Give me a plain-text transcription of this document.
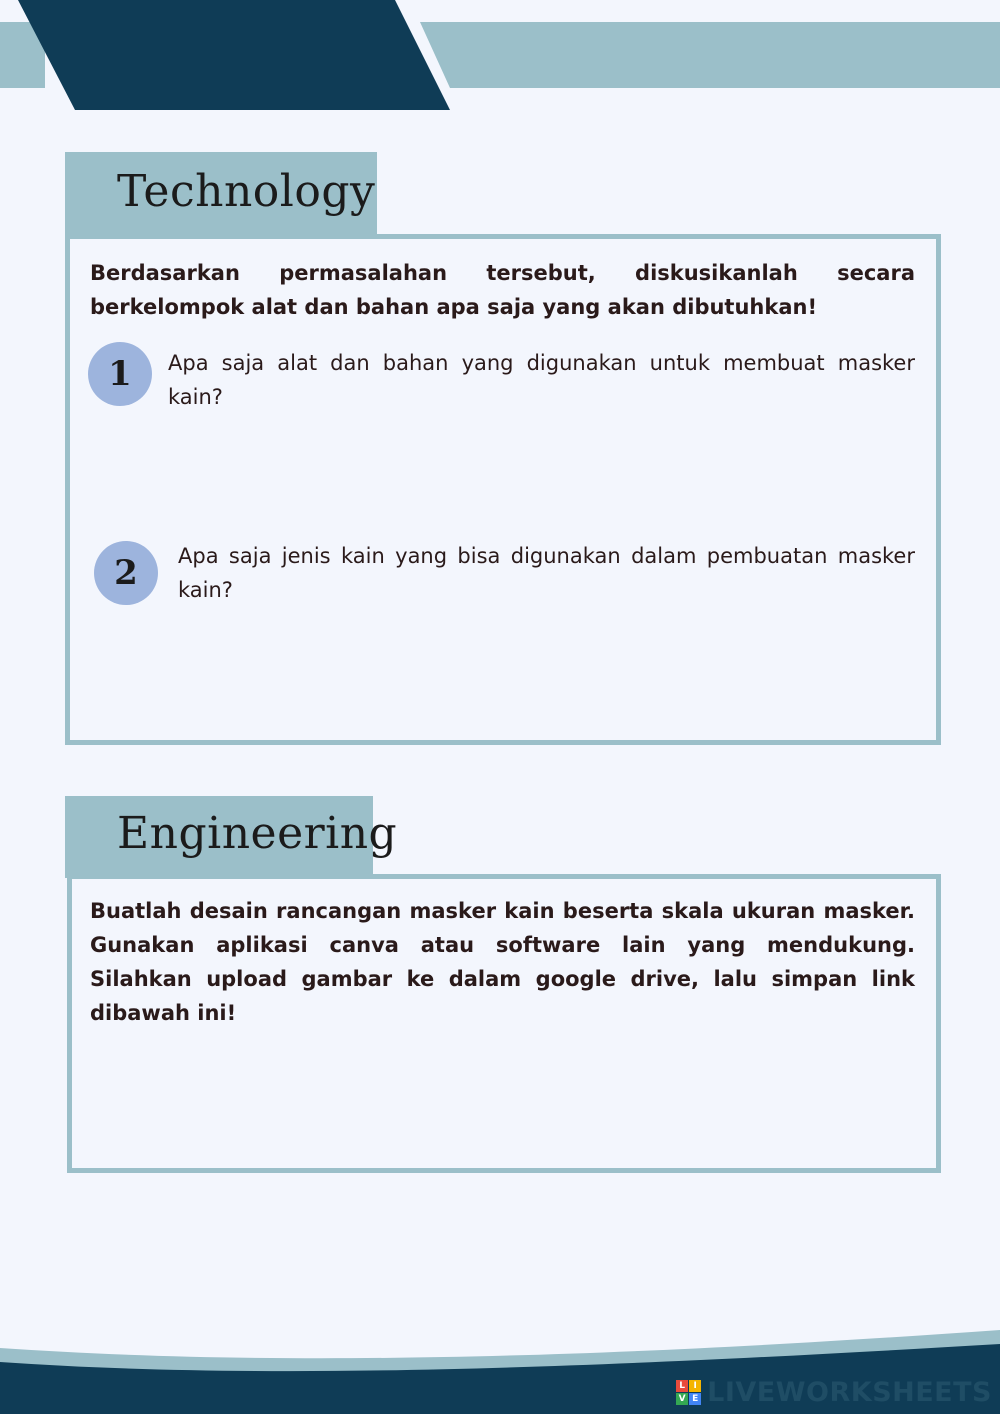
Technology
Berdasarkan permasalahan tersebut, diskusikanlah secara berkelompok alat dan bahan apa saja yang akan dibutuhkan!
1 Apa saja alat dan bahan yang digunakan untuk membuat masker kain?
2 Apa saja jenis kain yang bisa digunakan dalam pembuatan masker kain?
Engineering
Buatlah desain rancangan masker kain beserta skala ukuran masker. Gunakan aplikasi canva atau software lain yang mendukung. Silahkan upload gambar ke dalam google drive, lalu simpan link dibawah ini!
L I
V E LIVEWORKSHEETS
